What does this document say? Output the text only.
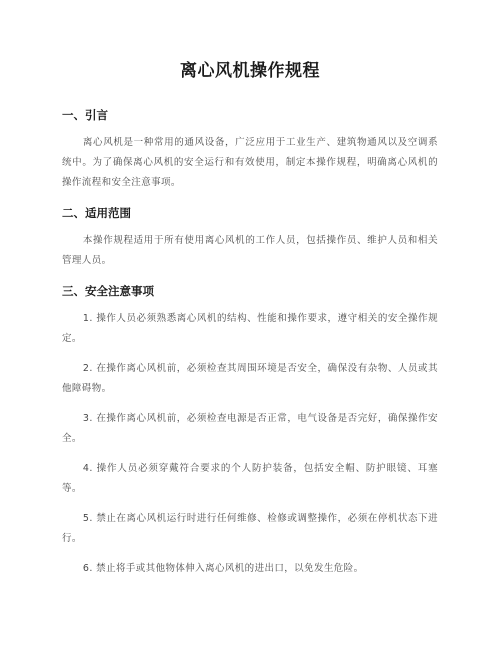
离心风机操作规程
一、引言

离心风机是一种常用的通风设备，广泛应用于工业生产、建筑物通风以及空调系统中。为了确保离心风机的安全运行和有效使用，制定本操作规程，明确离心风机的操作流程和安全注意事项。

二、适用范围

本操作规程适用于所有使用离心风机的工作人员，包括操作员、维护人员和相关管理人员。

三、安全注意事项

1. 操作人员必须熟悉离心风机的结构、性能和操作要求，遵守相关的安全操作规定。

2. 在操作离心风机前，必须检查其周围环境是否安全，确保没有杂物、人员或其他障碍物。

3. 在操作离心风机前，必须检查电源是否正常，电气设备是否完好，确保操作安全。

4. 操作人员必须穿戴符合要求的个人防护装备，包括安全帽、防护眼镜、耳塞等。

5. 禁止在离心风机运行时进行任何维修、检修或调整操作，必须在停机状态下进行。

6. 禁止将手或其他物体伸入离心风机的进出口，以免发生危险。
